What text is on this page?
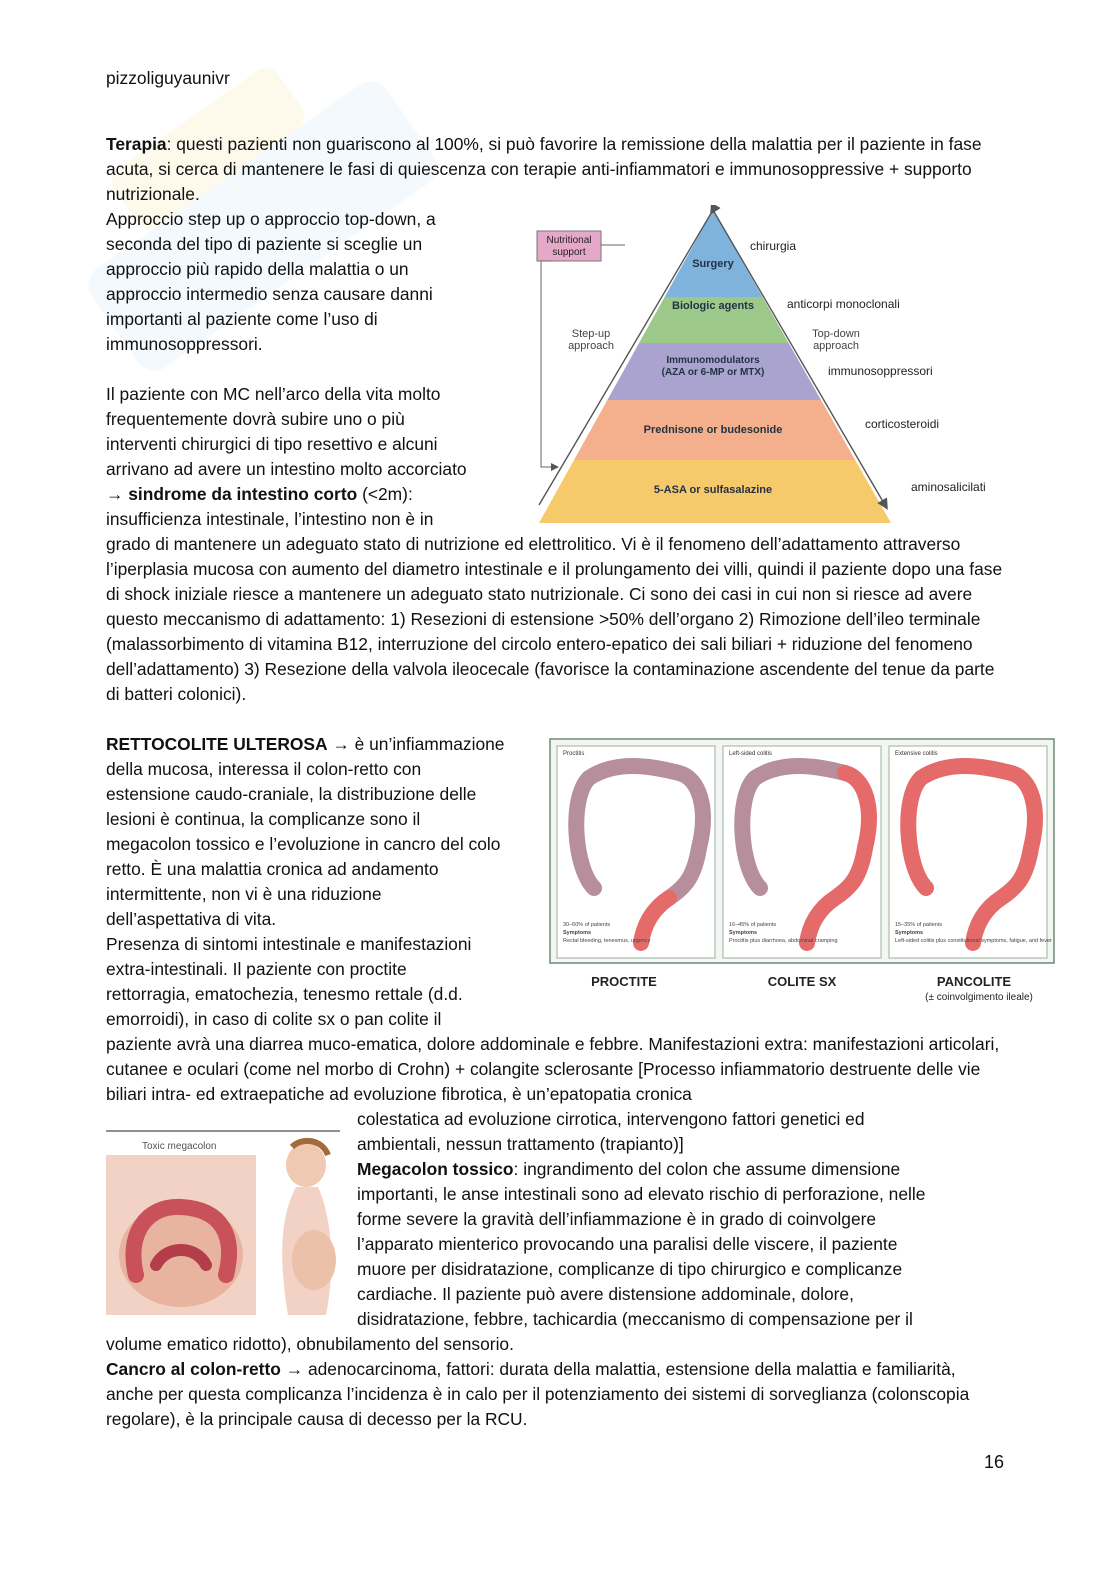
pizzoliguyaunivr

Terapia: questi pazienti non guariscono al 100%, si può favorire la remissione della malattia per il paziente in fase acuta, si cerca di mantenere le fasi di quiescenza con terapie anti-infiammatori e immunosoppressive + supporto nutrizionale.

Approccio step up o approccio top-down, a
seconda del tipo di paziente si sceglie un
approccio più rapido della malattia o un
approccio intermedio senza causare danni
importanti al paziente come l’uso di
immunosoppressori.
Il paziente con MC nell’arco della vita molto
frequentemente dovrà subire uno o più
interventi chirurgici di tipo resettivo e alcuni
arrivano ad avere un intestino molto accorciato
→ sindrome da intestino corto (<2m):
insufficienza intestinale, l’intestino non è in

grado di mantenere un adeguato stato di nutrizione ed elettrolitico. Vi è il fenomeno dell’adattamento attraverso l’iperplasia mucosa con aumento del diametro intestinale e il prolungamento dei villi, quindi il paziente dopo una fase di shock iniziale riesce a mantenere un adeguato stato nutrizionale. Ci sono dei casi in cui non si riesce ad avere questo meccanismo di adattamento: 1) Resezioni di estensione >50% dell’organo 2) Rimozione dell’ileo terminale (malassorbimento di vitamina B12, interruzione del circolo entero-epatico dei sali biliari + riduzione del fenomeno dell’adattamento) 3) Resezione della valvola ileocecale (favorisce la contaminazione ascendente del tenue da parte di batteri colonici).

Nutritional
support
Surgery
Biologic agents
Immunomodulators
(AZA or 6-MP or MTX)
Prednisone or budesonide
5-ASA or sulfasalazine
Step-up
approach
Top-down
approach
chirurgia
anticorpi monoclonali
immunosoppressori
corticosteroidi
aminosalicilati
RETTOCOLITE ULTEROSA → è un’infiammazione
della mucosa, interessa il colon-retto con
estensione caudo-craniale, la distribuzione delle
lesioni è continua, la complicanze sono il
megacolon tossico e l’evoluzione in cancro del colo
retto. È una malattia cronica ad andamento
intermittente, non vi è una riduzione
dell’aspettativa di vita.
Presenza di sintomi intestinale e manifestazioni
extra-intestinali. Il paziente con proctite
rettorragia, ematochezia, tenesmo rettale (d.d.
emorroidi), in caso di colite sx o pan colite il

paziente avrà una diarrea muco-ematica, dolore addominale e febbre. Manifestazioni extra: manifestazioni articolari, cutanee e oculari (come nel morbo di Crohn) + colangite sclerosante [Processo infiammatorio destruente delle vie biliari intra- ed extraepatiche ad evoluzione fibrotica, è un’epatopatia cronica

Proctitis
30–60% of patients
Symptoms
Rectal bleeding, tenesmus, urgency
Left-sided colitis
16–45% of patients
Symptoms
Proctitis plus diarrhoea, abdominal cramping
Extensive colitis
15–35% of patients
Symptoms
Left-sided colitis plus constitutional symptoms, fatigue, and fever
PROCTITE	COLITE SX	PANCOLITE
(± coinvolgimento ileale)
colestatica ad evoluzione cirrotica, intervengono fattori genetici ed
ambientali, nessun trattamento (trapianto)]
Megacolon tossico: ingrandimento del colon che assume dimensione
importanti, le anse intestinali sono ad elevato rischio di perforazione, nelle
forme severe la gravità dell’infiammazione è in grado di coinvolgere
l’apparato mienterico provocando una paralisi delle viscere, il paziente
muore per disidratazione, complicanze di tipo chirurgico e complicanze
cardiache. Il paziente può avere distensione addominale, dolore,
disidratazione, febbre, tachicardia (meccanismo di compensazione per il
volume ematico ridotto), obnubilamento del sensorio.
Toxic megacolon

Cancro al colon-retto → adenocarcinoma, fattori: durata della malattia, estensione della malattia e familiarità, anche per questa complicanza l’incidenza è in calo per il potenziamento dei sistemi di sorveglianza (colonscopia regolare), è la principale causa di decesso per la RCU.

16
